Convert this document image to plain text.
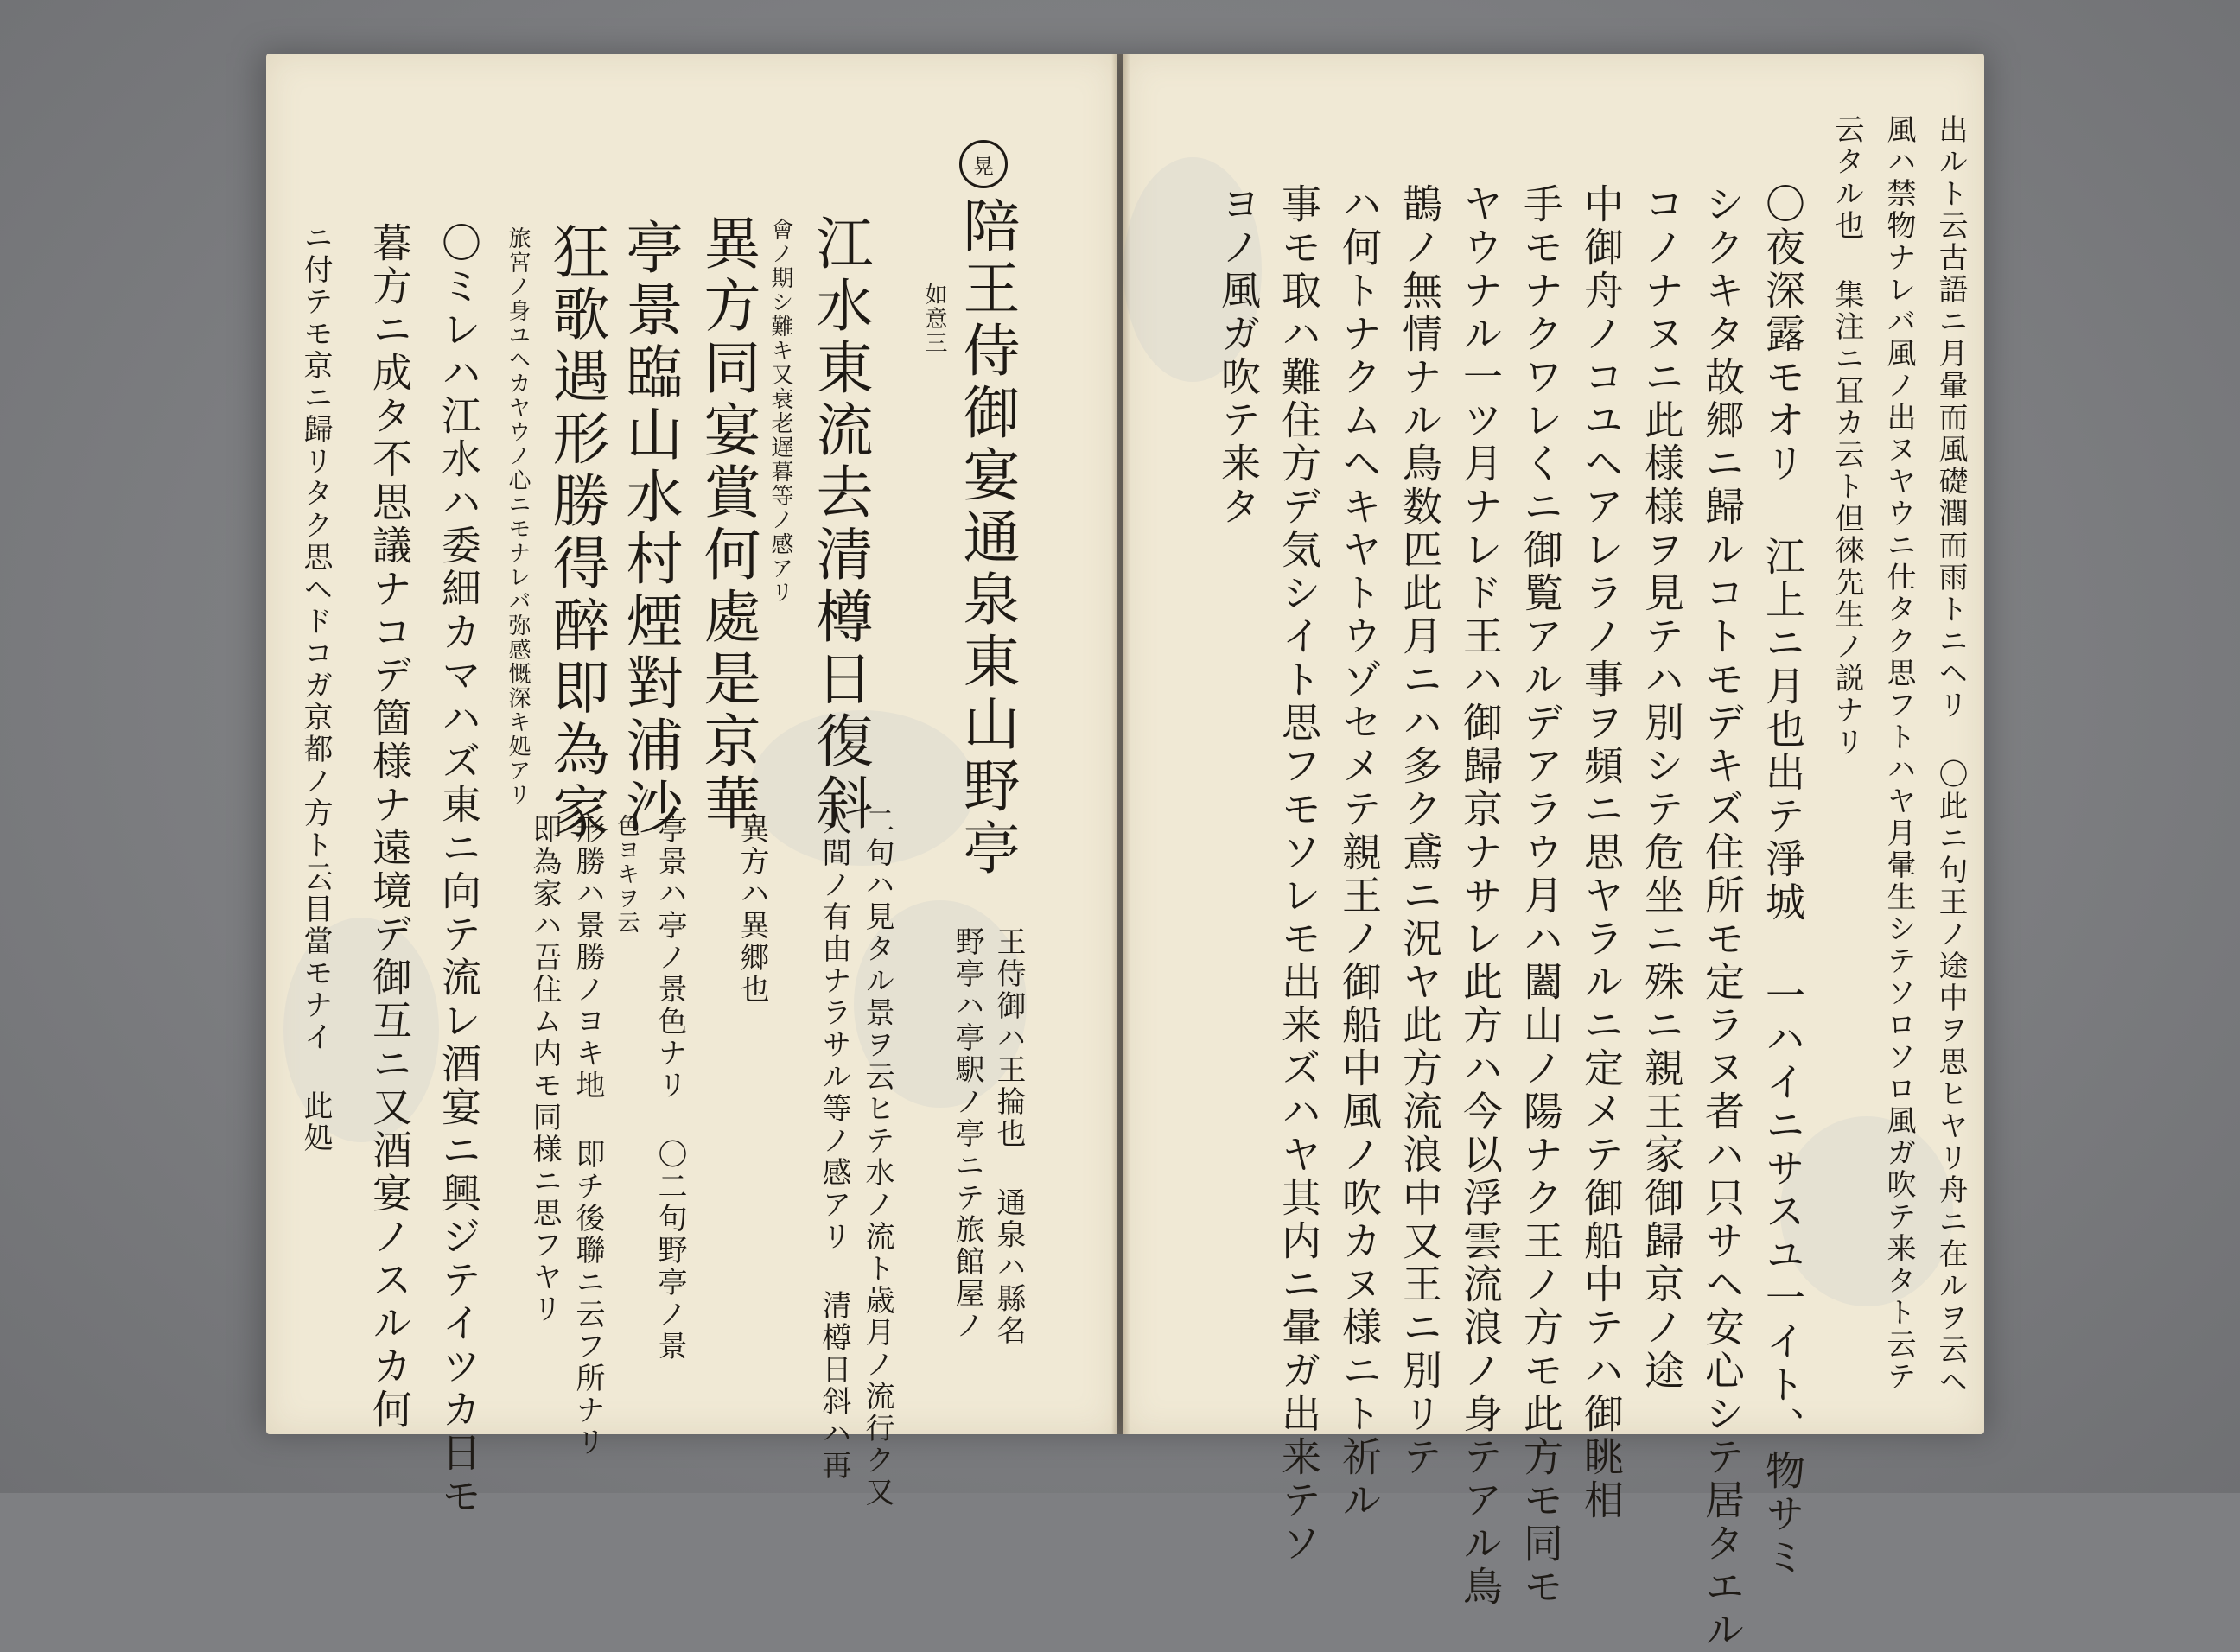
晃
陪王侍御宴通泉東山野亭
如意三
江水東流去清樽日復斜
會ノ期シ難キ又衰老遅暮等ノ感アリ
異方同宴賞何處是京華
亭景臨山水村煙對浦沙
狂歌遇形勝得醉即為家
旅宮ノ身ユヘカヤウノ心ニモナレバ弥感慨深キ処アリ
〇ミレハ江水ハ委細カマハズ東ニ向テ流レ酒宴ニ興ジテイツカ日モ
暮方ニ成タ不思議ナコデ箇様ナ遠境デ御互ニ又酒宴ノスルカ何
ニ付テモ京ニ歸リタク思ヘドコガ京都ノ方ト云目當モナイ 此処	王侍御ハ王掄也 通泉ハ縣名
野亭ハ亭駅ノ亭ニテ旅館屋ノ
二句ハ見タル景ヲ云ヒテ水ノ流ト歳月ノ流行ク又
人間ノ有由ナラサル等ノ感アリ 清樽日斜ハ再
異方ハ異郷也
亭景ハ亭ノ景色ナリ 〇二句野亭ノ景
色ヨキヲ云
形勝ハ景勝ノヨキ地 即チ後聯ニ云フ所ナリ
即為家ハ吾住ム内モ同様ニ思フヤリ	出ルト云古語ニ月暈而風礎潤而雨トニヘリ 〇此ニ句王ノ途中ヲ思ヒヤリ舟ニ在ルヲ云ヘ
風ハ禁物ナレバ風ノ出ヌヤウニ仕タク思フトハヤ月暈生シテソロソロ風ガ吹テ来タト云テ
云タル也 集注ニ冝カ云ト但徠先生ノ説ナリ
〇夜深露モオリ 江上ニ月也出テ淨城 一ハイニサスユ一イト、物サミ
シクキタ故郷ニ歸ルコトモデキズ住所モ定ラヌ者ハ只サヘ安心シテ居タエル
コノナヌニ此様様ヲ見テハ別シテ危坐ニ殊ニ親王家御歸京ノ途
中御舟ノコユヘアレラノ事ヲ頻ニ思ヤラルニ定メテ御船中テハ御眺相
手モナクワレくニ御覧アルデアラウ月ハ闔山ノ陽ナク王ノ方モ此方モ同モ
ヤウナル一ツ月ナレド王ハ御歸京ナサレ此方ハ今以浮雲流浪ノ身テアル鳥
鵲ノ無情ナル鳥数匹此月ニハ多ク鳶ニ況ヤ此方流浪中又王ニ別リテ
ハ何トナクムヘキヤトウゾセメテ親王ノ御船中風ノ吹カヌ様ニト祈ル
事モ取ハ難住方デ気シイト思フモソレモ出来ズハヤ其内ニ暈ガ出来テソ
ヨノ風ガ吹テ来タ
